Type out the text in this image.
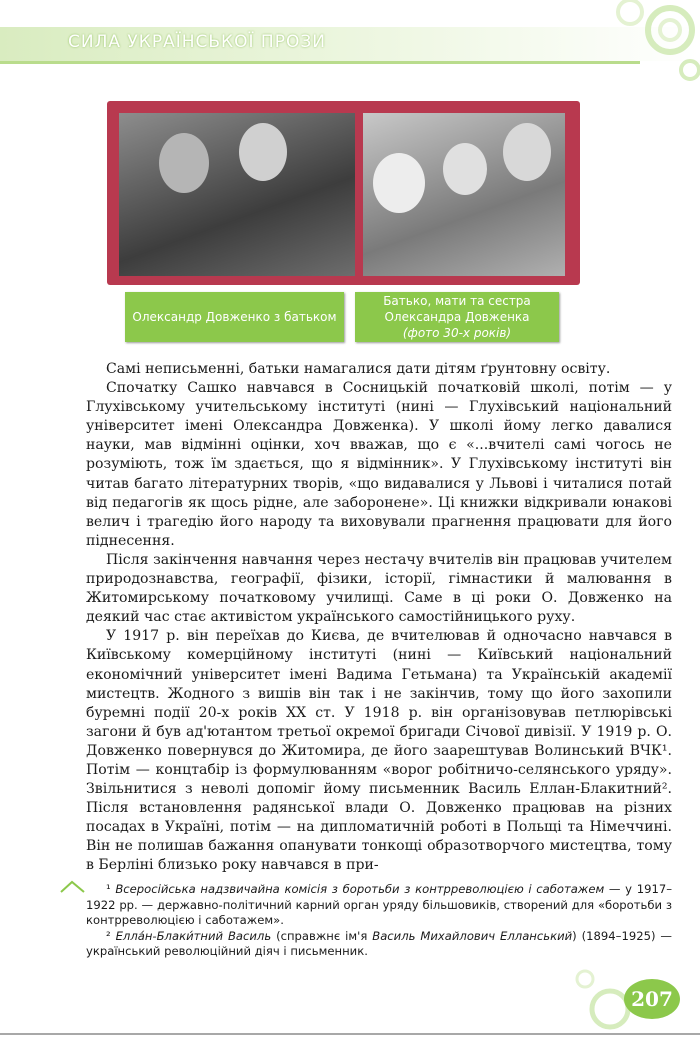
СИЛА УКРАЇНСЬКОЇ ПРОЗИ
Олександр Довженко з батьком
Батько, мати та сестра Олександра Довженка
(фото 30-х років)

Самі неписьменні, батьки намагалися дати дітям ґрунтовну освіту.

Спочатку Сашко навчався в Сосницькій початковій школі, потім — у Глухівському учительському інституті (нині — Глухівський національний університет імені Олександра Довженка). У школі йому легко давалися науки, мав відмінні оцінки, хоч вважав, що є «...вчителі самі чогось не розуміють, тож їм здається, що я відмінник». У Глухівському інституті він читав багато літературних творів, «що видавалися у Львові і читалися потай від педагогів як щось рідне, але заборонене». Ці книжки відкривали юнакові велич і трагедію його народу та виховували прагнення працювати для його піднесення.

Після закінчення навчання через нестачу вчителів він працював учителем природознавства, географії, фізики, історії, гімнастики й малювання в Житомирському початковому училищі. Саме в ці роки О. Довженко на деякий час стає активістом українського самостійницького руху.

У 1917 р. він переїхав до Києва, де вчителював й одночасно навчався в Київському комерційному інституті (нині — Київський національний економічний університет імені Вадима Гетьмана) та Українській академії мистецтв. Жодного з вишів він так і не закінчив, тому що його захопили буремні події 20-х років XX ст. У 1918 р. він організовував петлюрівські загони й був ад'ютантом третьої окремої бригади Січової дивізії. У 1919 р. О. Довженко повернувся до Житомира, де його заарештував Волинський ВЧК¹. Потім — концтабір із формулюванням «ворог робітничо-селянського уряду». Звільнитися з неволі допоміг йому письменник Василь Еллан-Блакитний². Після встановлення радянської влади О. Довженко працював на різних посадах в Україні, потім — на дипломатичній роботі в Польщі та Німеччині. Він не полишав бажання опанувати тонкощі образотворчого мистецтва, тому в Берліні близько року навчався в при-

¹ Всеросійська надзвичайна комісія з боротьби з контрреволюцією і саботажем — у 1917–1922 рр. — державно-політичний карний орган уряду більшовиків, створений для «боротьби з контрреволюцією і саботажем».

² Елла́н-Блаки́тний Василь (справжнє ім'я Василь Михайлович Елланський) (1894–1925) — український революційний діяч і письменник.

207
